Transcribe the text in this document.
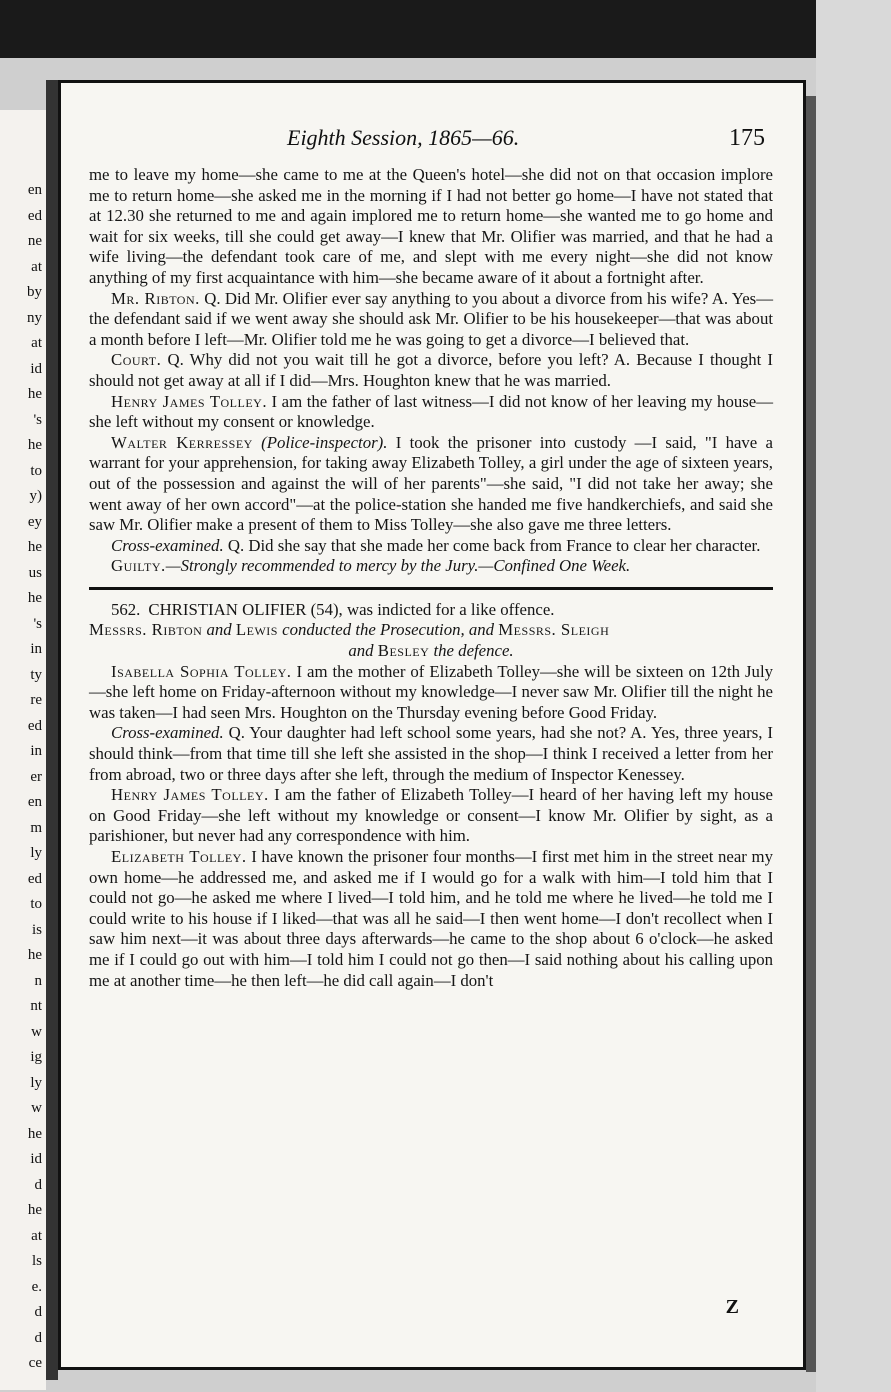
en
ed
ne
at
by
ny
at
id
he
's
he
to
y)
ey
he
us
he
's
in
ty
re
ed
in
er
en
m
ly
ed
to
is
he
n
nt
w
ig
ly
w
he
id
d
he
at
ls
e.
d
d
ce
Eighth Session, 1865—66.	175

me to leave my home—she came to me at the Queen's hotel—she did not on that occasion implore me to return home—she asked me in the morning if I had not better go home—I have not stated that at 12.30 she returned to me and again implored me to return home—she wanted me to go home and wait for six weeks, till she could get away—I knew that Mr. Olifier was married, and that he had a wife living—the defendant took care of me, and slept with me every night—she did not know anything of my first acquaintance with him—she became aware of it about a fortnight after.

Mr. Ribton. Q. Did Mr. Olifier ever say anything to you about a divorce from his wife? A. Yes—the defendant said if we went away she should ask Mr. Olifier to be his housekeeper—that was about a month before I left—Mr. Olifier told me he was going to get a divorce—I believed that.

Court. Q. Why did not you wait till he got a divorce, before you left? A. Because I thought I should not get away at all if I did—Mrs. Houghton knew that he was married.

Henry James Tolley. I am the father of last witness—I did not know of her leaving my house—she left without my consent or knowledge.

Walter Kerressey (Police-inspector). I took the prisoner into custody —I said, "I have a warrant for your apprehension, for taking away Elizabeth Tolley, a girl under the age of sixteen years, out of the possession and against the will of her parents"—she said, "I did not take her away; she went away of her own accord"—at the police-station she handed me five handkerchiefs, and said she saw Mr. Olifier make a present of them to Miss Tolley—she also gave me three letters.

Cross-examined. Q. Did she say that she made her come back from France to clear her character.

Guilty.—Strongly recommended to mercy by the Jury.—Confined One Week.

562. CHRISTIAN OLIFIER (54), was indicted for a like offence.

Messrs. Ribton and Lewis conducted the Prosecution, and Messrs. Sleigh

and Besley the defence.

Isabella Sophia Tolley. I am the mother of Elizabeth Tolley—she will be sixteen on 12th July—she left home on Friday-afternoon without my knowledge—I never saw Mr. Olifier till the night he was taken—I had seen Mrs. Houghton on the Thursday evening before Good Friday.

Cross-examined. Q. Your daughter had left school some years, had she not? A. Yes, three years, I should think—from that time till she left she assisted in the shop—I think I received a letter from her from abroad, two or three days after she left, through the medium of Inspector Kenessey.

Henry James Tolley. I am the father of Elizabeth Tolley—I heard of her having left my house on Good Friday—she left without my knowledge or consent—I know Mr. Olifier by sight, as a parishioner, but never had any correspondence with him.

Elizabeth Tolley. I have known the prisoner four months—I first met him in the street near my own home—he addressed me, and asked me if I would go for a walk with him—I told him that I could not go—he asked me where I lived—I told him, and he told me where he lived—he told me I could write to his house if I liked—that was all he said—I then went home—I don't recollect when I saw him next—it was about three days afterwards—he came to the shop about 6 o'clock—he asked me if I could go out with him—I told him I could not go then—I said nothing about his calling upon me at another time—he then left—he did call again—I don't

Z
